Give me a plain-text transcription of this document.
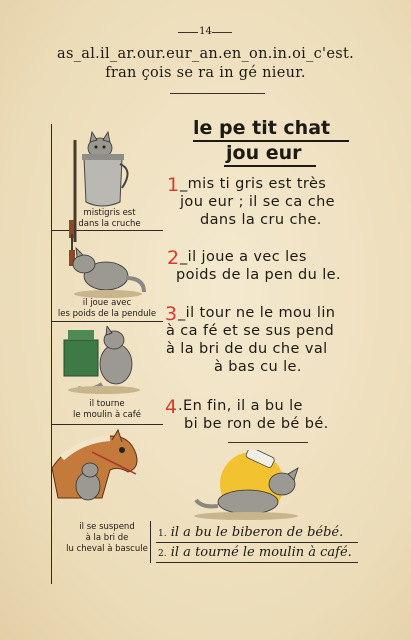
14
as_al.il_ar.our.eur_an.en_on.in.oi_c'est.
fran çois se ra in gé nieur.
mistigris est
dans la cruche
il joue avec
les poids de la pendule
il tourne
le moulin à café
il se suspend
à la bri de
lu cheval à bascule
le pe tit chat
jou eur
1 _mis ti gris est très
jou eur ; il se ca che
dans la cru che.
2 _il joue a vec les
poids de la pen du le.
3 _il tour ne le mou lin
à ca fé et se sus pend
à la bri de du che val
à bas cu le.
4 .En fin, il a bu le
bi be ron de bé bé.
1. il a bu le biberon de bébé.
2. il a tourné le moulin à café.
